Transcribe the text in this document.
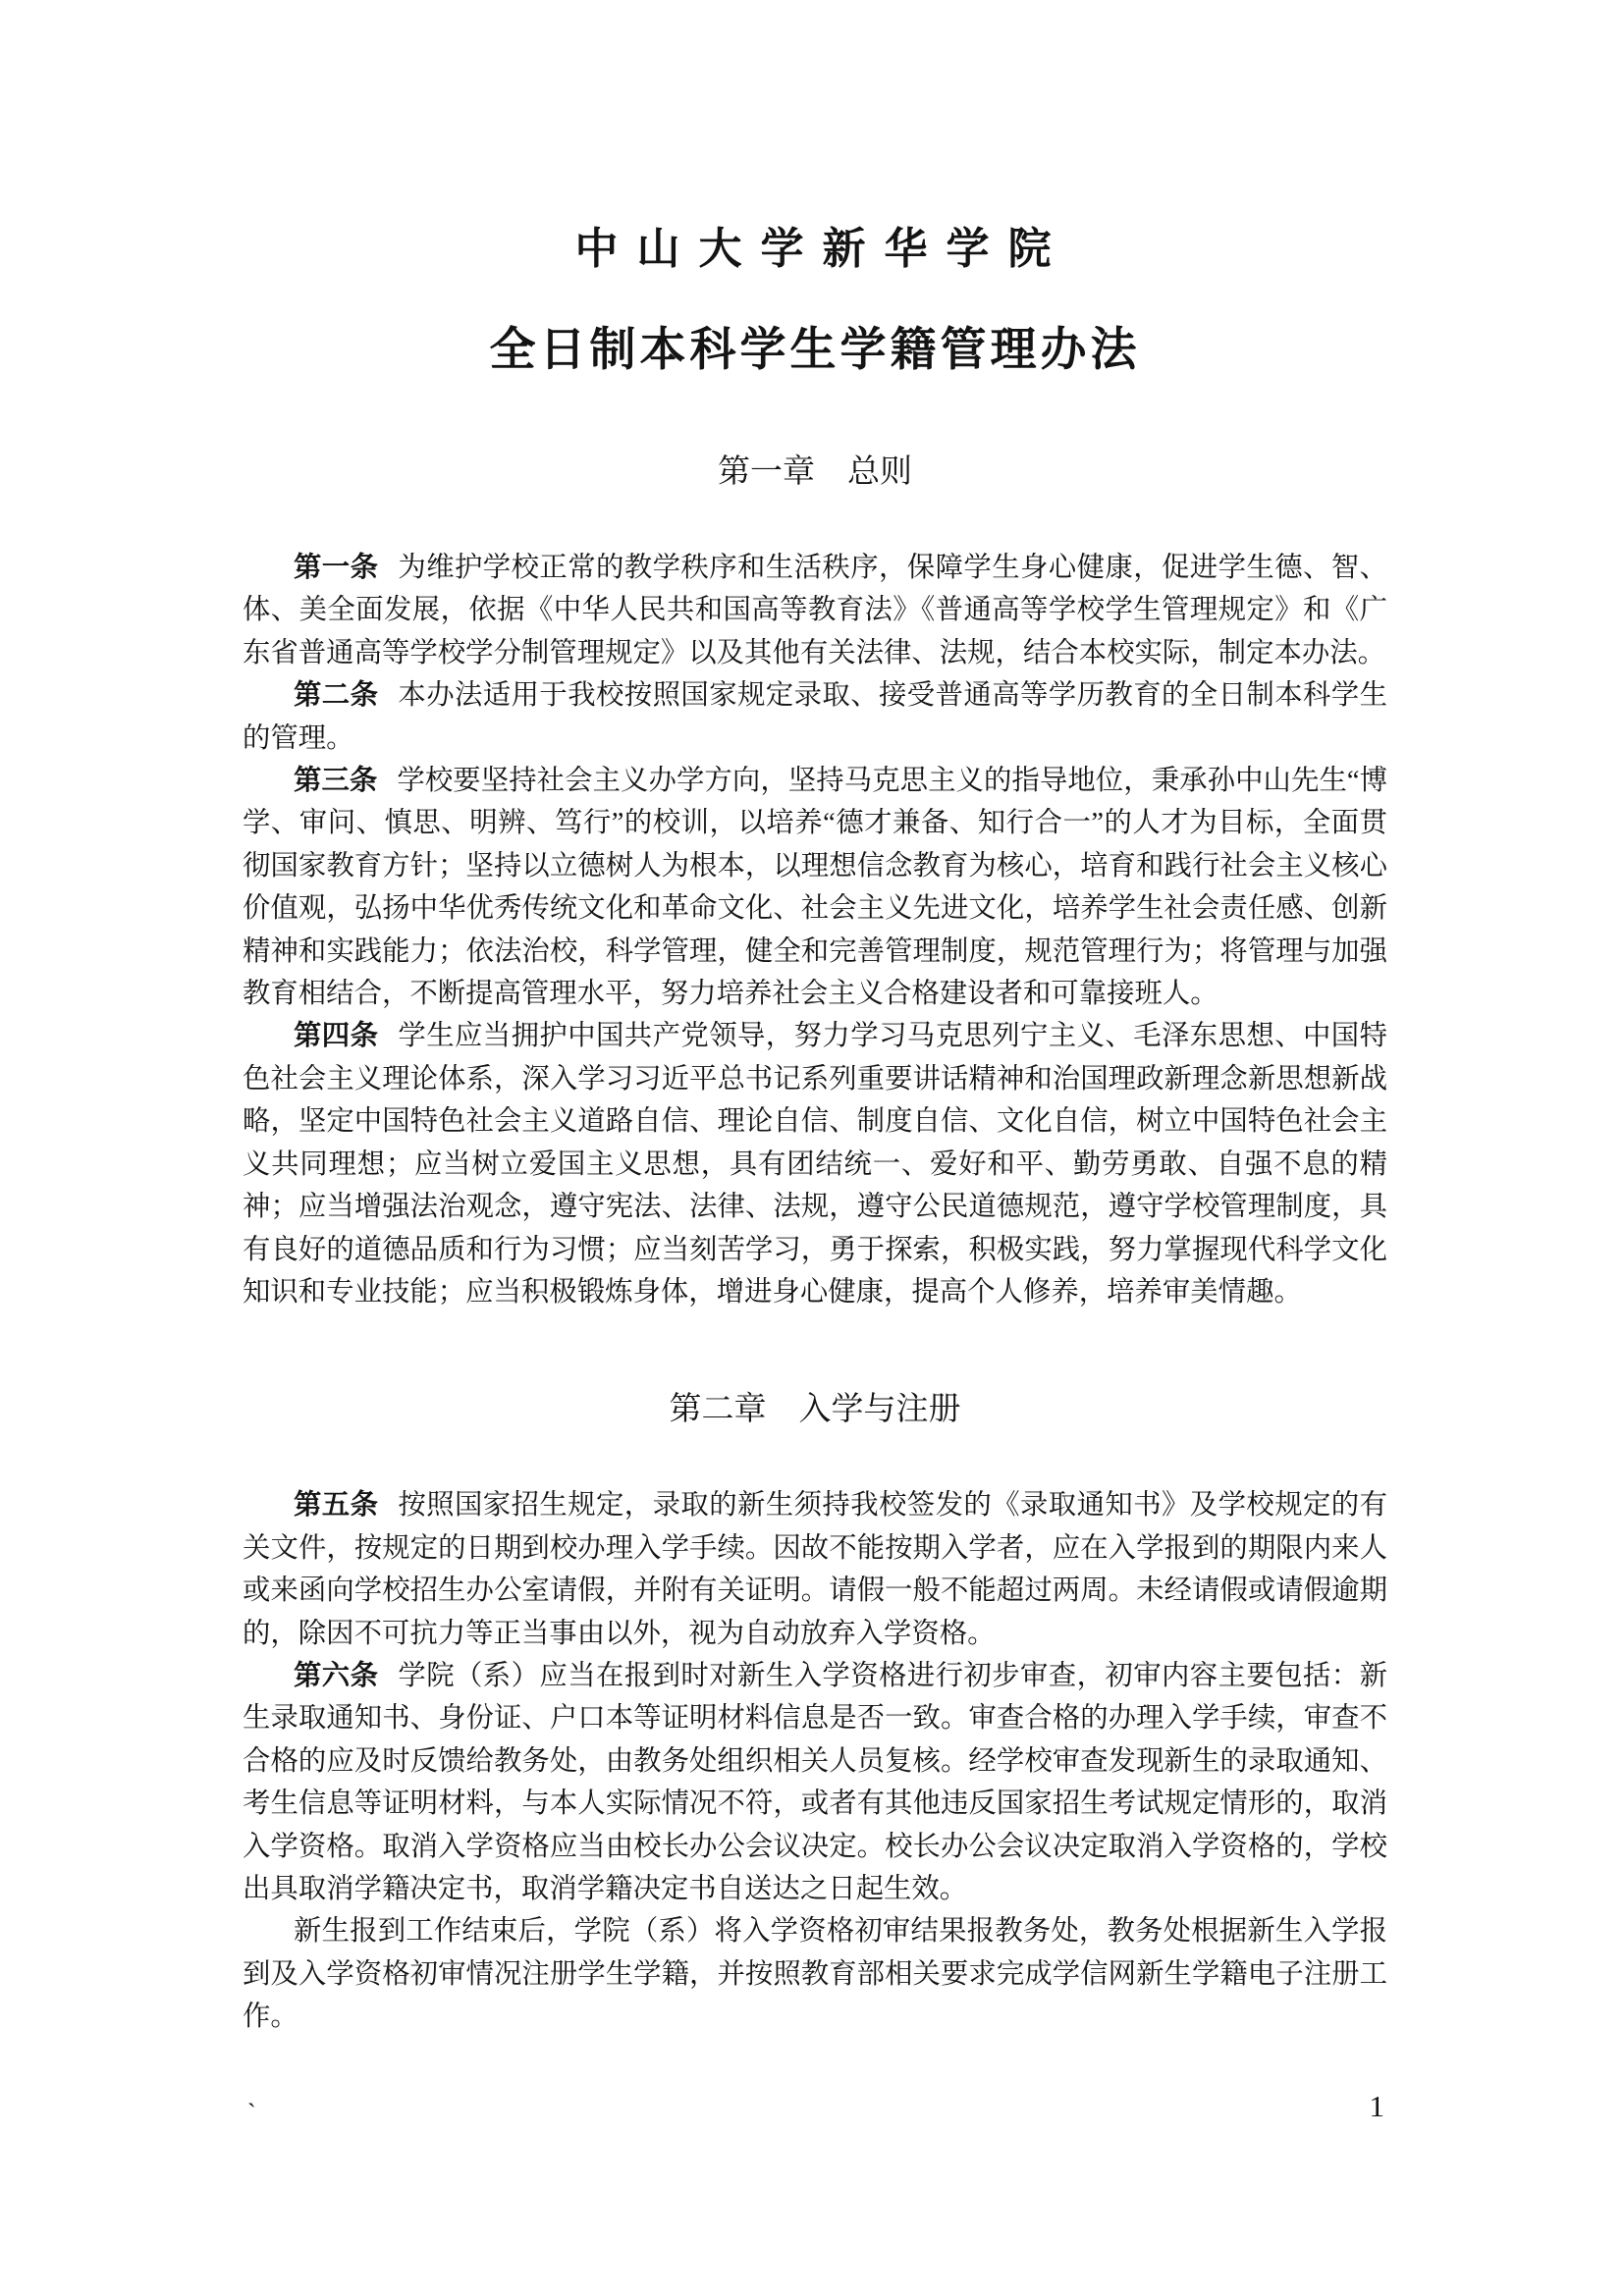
中 山 大 学 新 华 学 院
全日制本科学生学籍管理办法
第一章　总则

第一条 为维护学校正常的教学秩序和生活秩序，保障学生身心健康，促进学生德、智、体、美全面发展，依据《中华人民共和国高等教育法》《普通高等学校学生管理规定》和《广东省普通高等学校学分制管理规定》以及其他有关法律、法规，结合本校实际，制定本办法。

第二条 本办法适用于我校按照国家规定录取、接受普通高等学历教育的全日制本科学生的管理。

第三条 学校要坚持社会主义办学方向，坚持马克思主义的指导地位，秉承孙中山先生“博学、审问、慎思、明辨、笃行”的校训，以培养“德才兼备、知行合一”的人才为目标，全面贯彻国家教育方针；坚持以立德树人为根本，以理想信念教育为核心，培育和践行社会主义核心价值观，弘扬中华优秀传统文化和革命文化、社会主义先进文化，培养学生社会责任感、创新精神和实践能力；依法治校，科学管理，健全和完善管理制度，规范管理行为；将管理与加强教育相结合，不断提高管理水平，努力培养社会主义合格建设者和可靠接班人。

第四条 学生应当拥护中国共产党领导，努力学习马克思列宁主义、毛泽东思想、中国特色社会主义理论体系，深入学习习近平总书记系列重要讲话精神和治国理政新理念新思想新战略，坚定中国特色社会主义道路自信、理论自信、制度自信、文化自信，树立中国特色社会主义共同理想；应当树立爱国主义思想，具有团结统一、爱好和平、勤劳勇敢、自强不息的精神；应当增强法治观念，遵守宪法、法律、法规，遵守公民道德规范，遵守学校管理制度，具有良好的道德品质和行为习惯；应当刻苦学习，勇于探索，积极实践，努力掌握现代科学文化知识和专业技能；应当积极锻炼身体，增进身心健康，提高个人修养，培养审美情趣。

第二章　入学与注册

第五条 按照国家招生规定，录取的新生须持我校签发的《录取通知书》及学校规定的有关文件，按规定的日期到校办理入学手续。因故不能按期入学者，应在入学报到的期限内来人或来函向学校招生办公室请假，并附有关证明。请假一般不能超过两周。未经请假或请假逾期的，除因不可抗力等正当事由以外，视为自动放弃入学资格。

第六条 学院（系）应当在报到时对新生入学资格进行初步审查，初审内容主要包括：新生录取通知书、身份证、户口本等证明材料信息是否一致。审查合格的办理入学手续，审查不合格的应及时反馈给教务处，由教务处组织相关人员复核。经学校审查发现新生的录取通知、考生信息等证明材料，与本人实际情况不符，或者有其他违反国家招生考试规定情形的，取消入学资格。取消入学资格应当由校长办公会议决定。校长办公会议决定取消入学资格的，学校出具取消学籍决定书，取消学籍决定书自送达之日起生效。

新生报到工作结束后，学院（系）将入学资格初审结果报教务处，教务处根据新生入学报到及入学资格初审情况注册学生学籍，并按照教育部相关要求完成学信网新生学籍电子注册工作。

`	1
